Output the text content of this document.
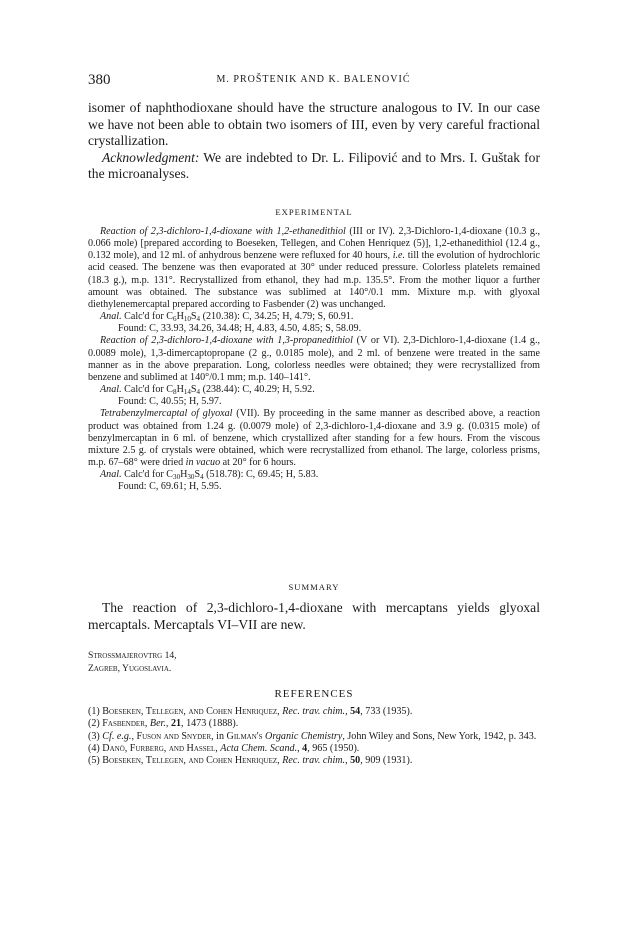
380	M. PROŠTENIK AND K. BALENOVIĆ

isomer of naphthodioxane should have the structure analogous to IV. In our case we have not been able to obtain two isomers of III, even by very careful fractional crystallization.

Acknowledgment: We are indebted to Dr. L. Filipović and to Mrs. I. Guštak for the microanalyses.

EXPERIMENTAL

Reaction of 2,3-dichloro-1,4-dioxane with 1,2-ethanedithiol (III or IV). 2,3-Dichloro-1,4-dioxane (10.3 g., 0.066 mole) [prepared according to Boeseken, Tellegen, and Cohen Henriquez (5)], 1,2-ethanedithiol (12.4 g., 0.132 mole), and 12 ml. of anhydrous benzene were refluxed for 40 hours, i.e. till the evolution of hydrochloric acid ceased. The benzene was then evaporated at 30° under reduced pressure. Colorless platelets remained (18.3 g.), m.p. 131°. Recrystallized from ethanol, they had m.p. 135.5°. From the mother liquor a further amount was obtained. The substance was sublimed at 140°/0.1 mm. Mixture m.p. with glyoxal diethylenemercaptal prepared according to Fasbender (2) was unchanged.

Anal. Calc'd for $C_6H_{10}S_4$ (210.38): C, 34.25; H, 4.79; S, 60.91.

Found: C, 33.93, 34.26, 34.48; H, 4.83, 4.50, 4.85; S, 58.09.

Reaction of 2,3-dichloro-1,4-dioxane with 1,3-propanedithiol (V or VI). 2,3-Dichloro-1,4-dioxane (1.4 g., 0.0089 mole), 1,3-dimercaptopropane (2 g., 0.0185 mole), and 2 ml. of benzene were treated in the same manner as in the above preparation. Long, colorless needles were obtained; they were recrystallized from benzene and sublimed at 140°/0.1 mm; m.p. 140–141°.

Anal. Calc'd for $C_8H_{14}S_4$ (238.44): C, 40.29; H, 5.92.

Found: C, 40.55; H, 5.97.

Tetrabenzylmercaptal of glyoxal (VII). By proceeding in the same manner as described above, a reaction product was obtained from 1.24 g. (0.0079 mole) of 2,3-dichloro-1,4-dioxane and 3.9 g. (0.0315 mole) of benzylmercaptan in 6 ml. of benzene, which crystallized after standing for a few hours. From the viscous mixture 2.5 g. of crystals were obtained, which were recrystallized from ethanol. The large, colorless prisms, m.p. 67–68° were dried in vacuo at 20° for 6 hours.

Anal. Calc'd for $C_{30}H_{30}S_4$ (518.78): C, 69.45; H, 5.83.

Found: C, 69.61; H, 5.95.

SUMMARY
The reaction of 2,3-dichloro-1,4-dioxane with mercaptans yields glyoxal mercaptals. Mercaptals VI–VII are new.
Strossmajerovtrg 14,
Zagreb, Yugoslavia.
REFERENCES
(1) Boeseken, Tellegen, and Cohen Henriquez, Rec. trav. chim., 54, 733 (1935).
(2) Fasbender, Ber., 21, 1473 (1888).
(3) Cf. e.g., Fuson and Snyder, in Gilman's Organic Chemistry, John Wiley and Sons, New York, 1942, p. 343.
(4) Danö, Furberg, and Hassel, Acta Chem. Scand., 4, 965 (1950).
(5) Boeseken, Tellegen, and Cohen Henriquez, Rec. trav. chim., 50, 909 (1931).
